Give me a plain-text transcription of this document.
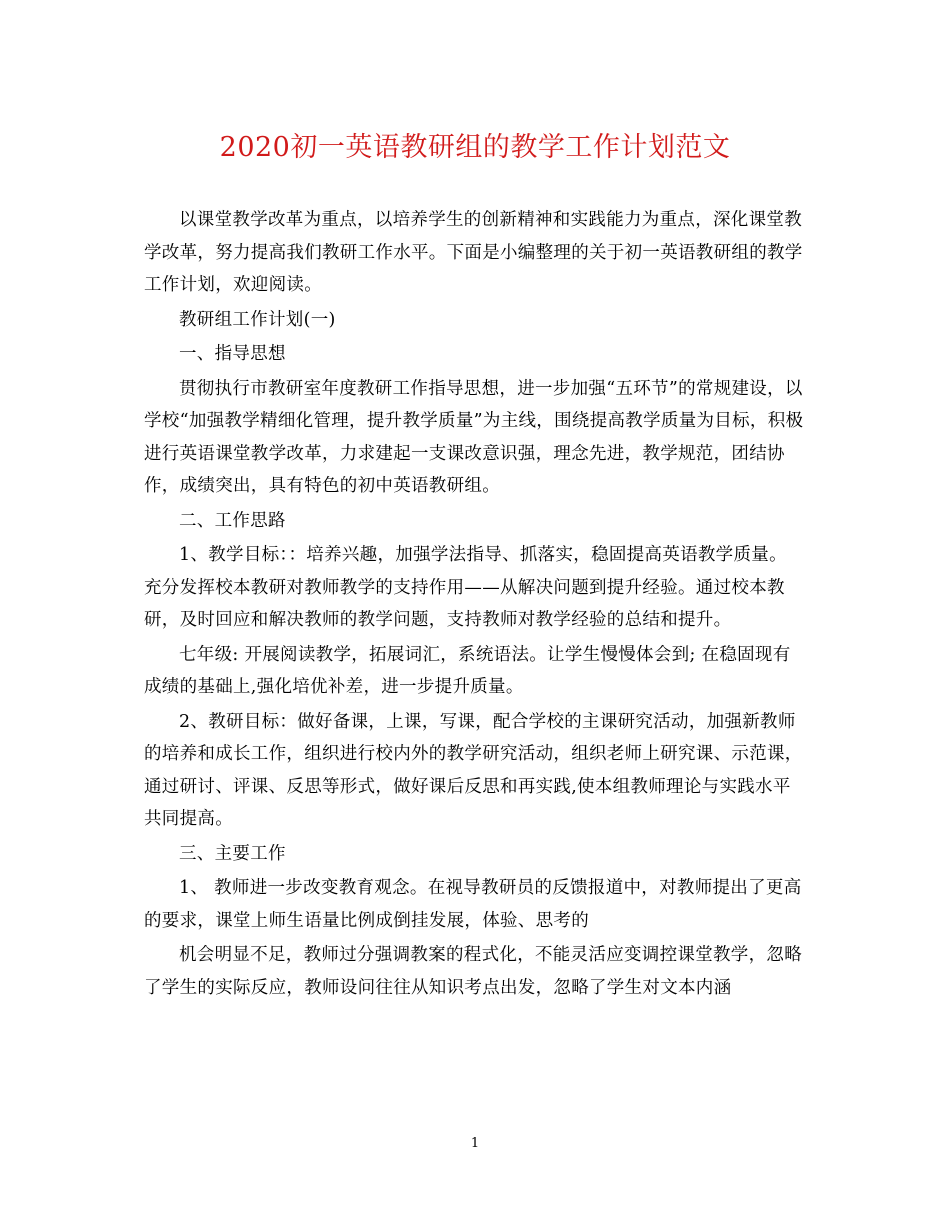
2020初一英语教研组的教学工作计划范文

以课堂教学改革为重点，以培养学生的创新精神和实践能力为重点，深化课堂教学改革，努力提高我们教研工作水平。下面是小编整理的关于初一英语教研组的教学工作计划，欢迎阅读。

教研组工作计划(一)

一、指导思想

贯彻执行市教研室年度教研工作指导思想，进一步加强“五环节”的常规建设，以学校“加强教学精细化管理，提升教学质量”为主线，围绕提高教学质量为目标，积极进行英语课堂教学改革，力求建起一支课改意识强，理念先进，教学规范，团结协作，成绩突出，具有特色的初中英语教研组。

二、工作思路

1、教学目标：：培养兴趣，加强学法指导、抓落实，稳固提高英语教学质量。充分发挥校本教研对教师教学的支持作用——从解决问题到提升经验。通过校本教研，及时回应和解决教师的教学问题，支持教师对教学经验的总结和提升。

七年级: 开展阅读教学，拓展词汇，系统语法。让学生慢慢体会到; 在稳固现有成绩的基础上,强化培优补差，进一步提升质量。

2、教研目标：做好备课，上课，写课，配合学校的主课研究活动，加强新教师的培养和成长工作，组织进行校内外的教学研究活动，组织老师上研究课、示范课，通过研讨、评课、反思等形式，做好课后反思和再实践,使本组教师理论与实践水平共同提高。

三、主要工作

1、 教师进一步改变教育观念。在视导教研员的反馈报道中，对教师提出了更高的要求，课堂上师生语量比例成倒挂发展，体验、思考的

机会明显不足，教师过分强调教案的程式化，不能灵活应变调控课堂教学，忽略了学生的实际反应，教师设问往往从知识考点出发，忽略了学生对文本内涵

1
